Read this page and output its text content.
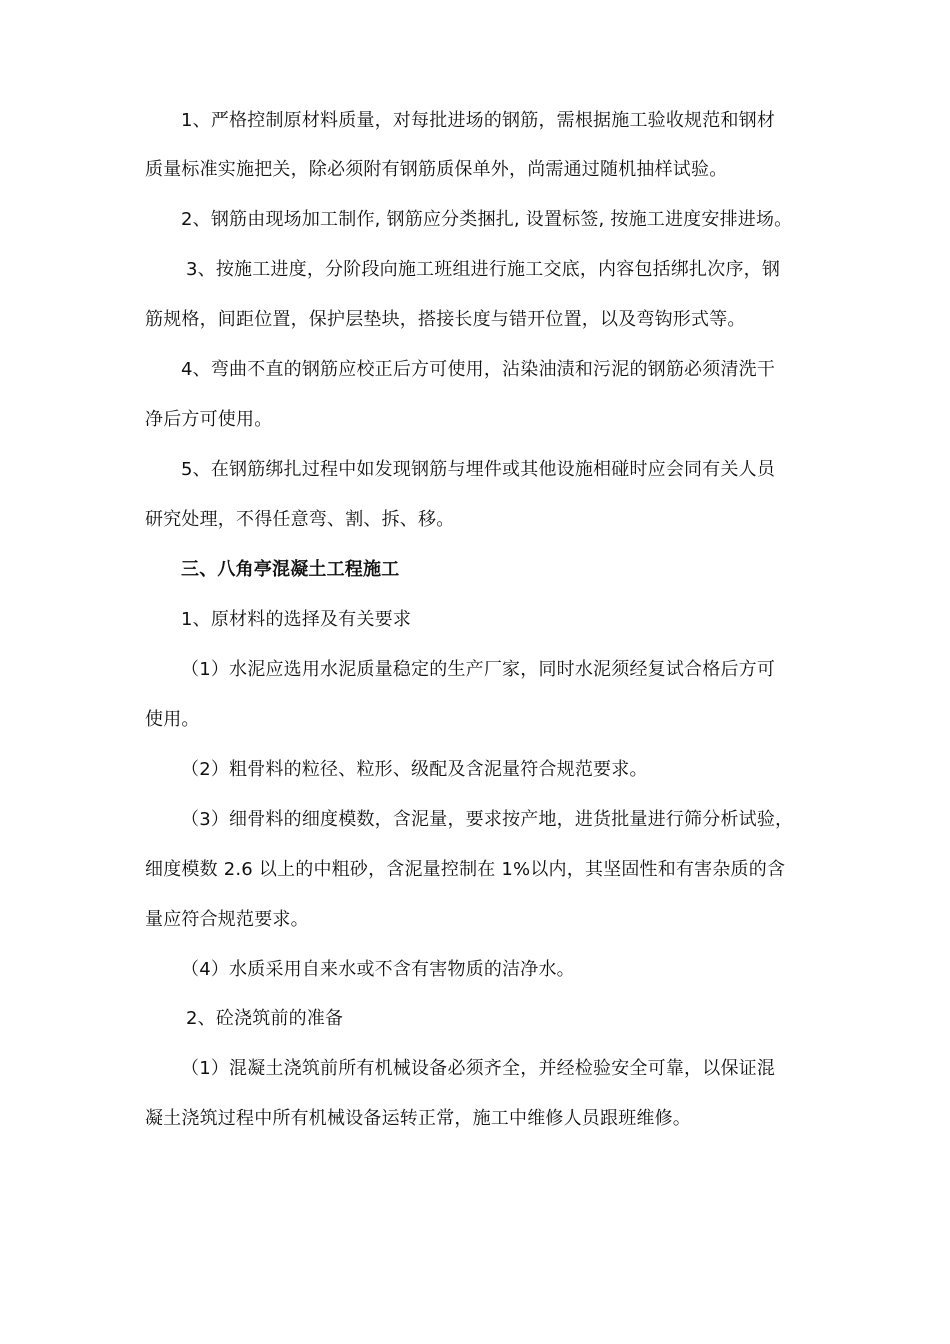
1、严格控制原材料质量，对每批进场的钢筋，需根据施工验收规范和钢材
质量标准实施把关，除必须附有钢筋质保单外，尚需通过随机抽样试验。
2、钢筋由现场加工制作, 钢筋应分类捆扎, 设置标签, 按施工进度安排进场。
3、按施工进度，分阶段向施工班组进行施工交底，内容包括绑扎次序，钢
筋规格，间距位置，保护层垫块，搭接长度与错开位置，以及弯钩形式等。
4、弯曲不直的钢筋应校正后方可使用，沾染油渍和污泥的钢筋必须清洗干
净后方可使用。
5、在钢筋绑扎过程中如发现钢筋与埋件或其他设施相碰时应会同有关人员
研究处理，不得任意弯、割、拆、移。
三、八角亭混凝土工程施工
1、原材料的选择及有关要求
（1）水泥应选用水泥质量稳定的生产厂家，同时水泥须经复试合格后方可
使用。
（2）粗骨料的粒径、粒形、级配及含泥量符合规范要求。
（3）细骨料的细度模数，含泥量，要求按产地，进货批量进行筛分析试验，
细度模数 2.6 以上的中粗砂，含泥量控制在 1%以内，其坚固性和有害杂质的含
量应符合规范要求。
（4）水质采用自来水或不含有害物质的洁净水。
2、砼浇筑前的准备
（1）混凝土浇筑前所有机械设备必须齐全，并经检验安全可靠，以保证混
凝土浇筑过程中所有机械设备运转正常，施工中维修人员跟班维修。
